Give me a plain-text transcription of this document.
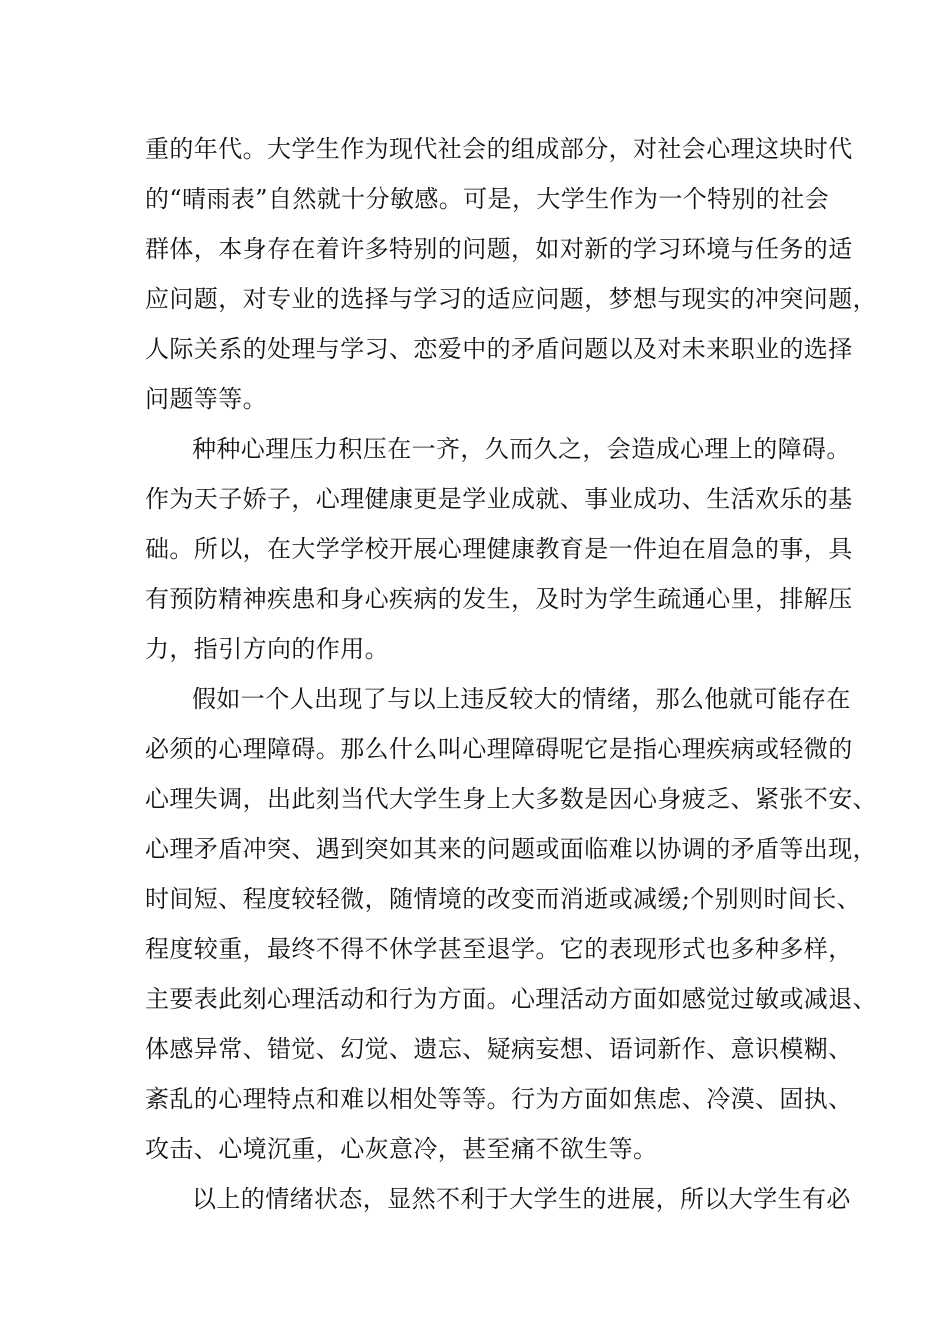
重的年代。大学生作为现代社会的组成部分，对社会心理这块时代
的“晴雨表”自然就十分敏感。可是，大学生作为一个特别的社会
群体，本身存在着许多特别的问题，如对新的学习环境与任务的适
应问题，对专业的选择与学习的适应问题，梦想与现实的冲突问题，
人际关系的处理与学习、恋爱中的矛盾问题以及对未来职业的选择
问题等等。
种种心理压力积压在一齐，久而久之，会造成心理上的障碍。
作为天子娇子，心理健康更是学业成就、事业成功、生活欢乐的基
础。所以，在大学学校开展心理健康教育是一件迫在眉急的事，具
有预防精神疾患和身心疾病的发生，及时为学生疏通心里，排解压
力，指引方向的作用。
假如一个人出现了与以上违反较大的情绪，那么他就可能存在
必须的心理障碍。那么什么叫心理障碍呢它是指心理疾病或轻微的
心理失调，出此刻当代大学生身上大多数是因心身疲乏、紧张不安、
心理矛盾冲突、遇到突如其来的问题或面临难以协调的矛盾等出现，
时间短、程度较轻微，随情境的改变而消逝或减缓;个别则时间长、
程度较重，最终不得不休学甚至退学。它的表现形式也多种多样，
主要表此刻心理活动和行为方面。心理活动方面如感觉过敏或减退、
体感异常、错觉、幻觉、遗忘、疑病妄想、语词新作、意识模糊、
紊乱的心理特点和难以相处等等。行为方面如焦虑、冷漠、固执、
攻击、心境沉重，心灰意冷，甚至痛不欲生等。
以上的情绪状态，显然不利于大学生的进展，所以大学生有必
